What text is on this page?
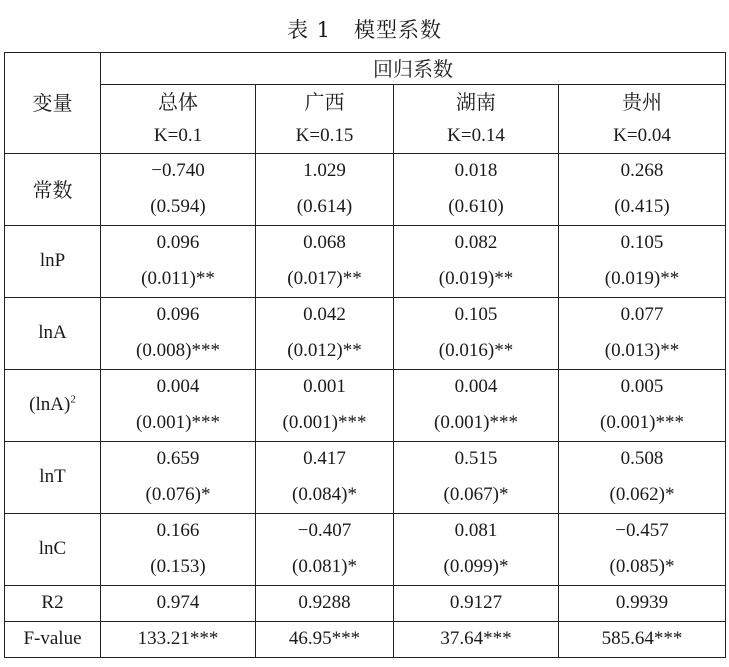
表 1   模型系数
变量	回归系数			
	总体	广西	湖南	贵州
	K=0.1	K=0.15	K=0.14	K=0.04
常数	−0.740	1.029	0.018	0.268
	(0.594)	(0.614)	(0.610)	(0.415)
lnP	0.096	0.068	0.082	0.105
	(0.011)**	(0.017)**	(0.019)**	(0.019)**
lnA	0.096	0.042	0.105	0.077
	(0.008)***	(0.012)**	(0.016)**	(0.013)**
$(\ln A)^2$	0.004	0.001	0.004	0.005
	(0.001)***	(0.001)***	(0.001)***	(0.001)***
lnT	0.659	0.417	0.515	0.508
	(0.076)*	(0.084)*	(0.067)*	(0.062)*
lnC	0.166	−0.407	0.081	−0.457
	(0.153)	(0.081)*	(0.099)*	(0.085)*
R2	0.974	0.9288	0.9127	0.9939
F-value	133.21***	46.95***	37.64***	585.64***
